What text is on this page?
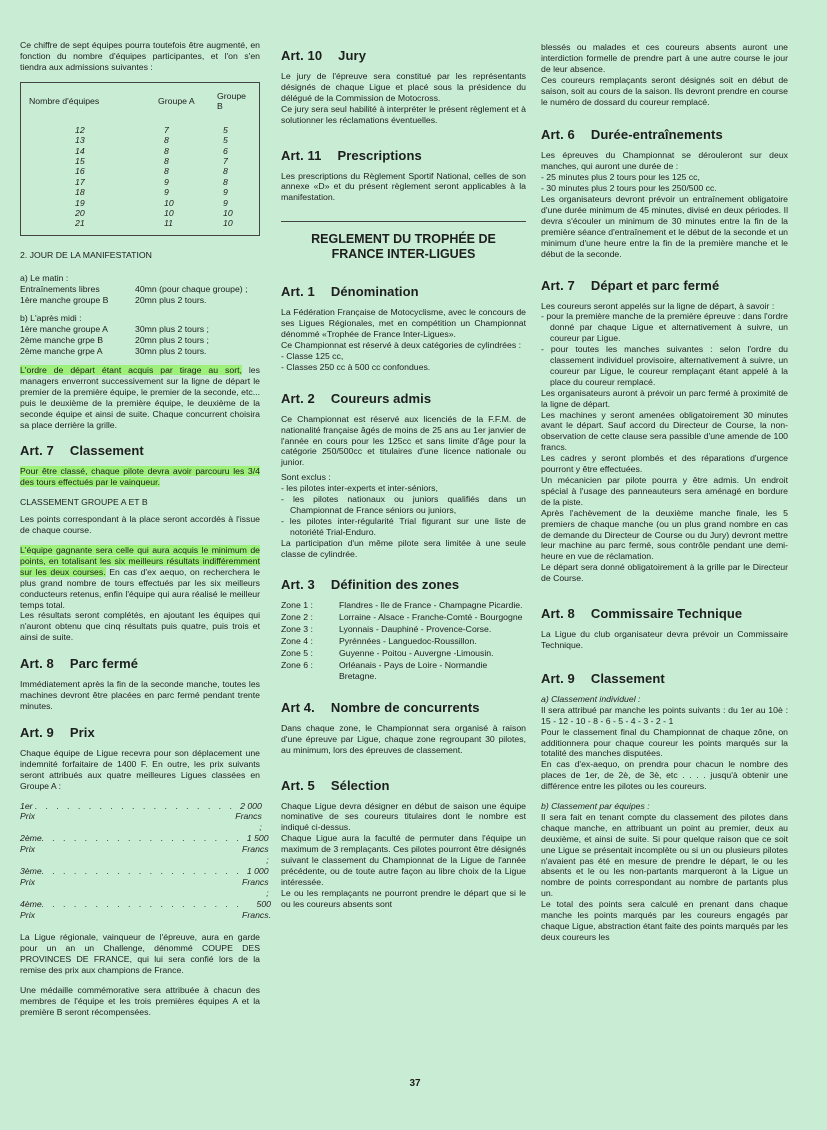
Ce chiffre de sept équipes pourra toutefois être augmenté, en fonction du nombre d'équipes participantes, et l'on s'en tiendra aux admissions suivantes :

Nombre d'équipes	Groupe A	Groupe B
12	7	5
13	8	5
14	8	6
15	8	7
16	8	8
17	9	8
18	9	9
19	10	9
20	10	10
21	11	10

2. JOUR DE LA MANIFESTATION

a) Le matin :

Entraînements libres	40mn (pour chaque groupe) ;
1ère manche groupe B	20mn plus 2 tours.

b) L'après midi :

1ère manche groupe A	30mn plus 2 tours ;
2ème manche grpe B	20mn plus 2 tours ;
2ème manche grpe A	30mn plus 2 tours.

L'ordre de départ étant acquis par tirage au sort, les managers enverront successivement sur la ligne de départ le premier de la première équipe, le premier de la seconde, etc... puis le deuxième de la première équipe, le deuxième de la seconde équipe et ainsi de suite. Chaque concurrent choisira sa place derrière la grille.

Art. 7 Classement

Pour être classé, chaque pilote devra avoir parcouru les 3/4 des tours effectués par le vainqueur.

CLASSEMENT GROUPE A ET B

Les points correspondant à la place seront accordés à l'issue de chaque course.

L'équipe gagnante sera celle qui aura acquis le minimum de points, en totalisant les six meilleurs résultats indifféremment sur les deux courses. En cas d'ex aequo, on recherchera le plus grand nombre de tours effectués par les six meilleurs conducteurs retenus, enfin l'équipe qui aura réalisé le meilleur temps total.

Les résultats seront complétés, en ajoutant les équipes qui n'auront obtenu que cinq résultats puis quatre, puis trois et ainsi de suite.

Art. 8 Parc fermé

Immédiatement après la fin de la seconde manche, toutes les machines devront être placées en parc fermé pendant trente minutes.

Art. 9 Prix

Chaque équipe de Ligue recevra pour son déplacement une indemnité forfaitaire de 1400 F. En outre, les prix suivants seront attribués aux quatre meilleures Ligues classées en Groupe A :

1er Prix
. . . . . . . . . . . . . . . . . . . 2 000 Francs ;
2ème Prix
. . . . . . . . . . . . . . . . . . . 1 500 Francs ;
3ème Prix
. . . . . . . . . . . . . . . . . . . 1 000 Francs ;
4ème Prix
. . . . . . . . . . . . . . . . . . .	500 Francs.

La Ligue régionale, vainqueur de l'épreuve, aura en garde pour un an un Challenge, dénommé COUPE DES PROVINCES DE FRANCE, qui lui sera confié lors de la remise des prix aux champions de France.

Une médaille commémorative sera attribuée à chacun des membres de l'équipe et les trois premières équipes A et la première B seront récompensées.

Art. 10 Jury

Le jury de l'épreuve sera constitué par les représentants désignés de chaque Ligue et placé sous la présidence du délégué de la Commission de Motocross.

Ce jury sera seul habilité à interpréter le présent règlement et à solutionner les réclamations éventuelles.

Art. 11 Prescriptions

Les prescriptions du Règlement Sportif National, celles de son annexe «D» et du présent règlement seront applicables à la manifestation.

REGLEMENT DU TROPHÉE DE
FRANCE INTER-LIGUES
Art. 1 Dénomination

La Fédération Française de Motocyclisme, avec le concours de ses Ligues Régionales, met en compétition un Championnat dénommé «Trophée de France Inter-Ligues».

Ce Championnat est réservé à deux catégories de cylindrées :

- Classe 125 cc,
- Classes 250 cc à 500 cc confondues.
Art. 2 Coureurs admis

Ce Championnat est réservé aux licenciés de la F.F.M. de nationalité française âgés de moins de 25 ans au 1er janvier de l'année en cours pour les 125cc et sans limite d'âge pour la catégorie 250/500cc et titulaires d'une licence nationale ou junior.

Sont exclus :

- les pilotes inter-experts et inter-séniors,
- les pilotes nationaux ou juniors qualifiés dans un Championnat de France séniors ou juniors,
- les pilotes inter-régularité Trial figurant sur une liste de notoriété Trial-Enduro.

La participation d'un même pilote sera limitée à une seule classe de cylindrée.

Art. 3 Définition des zones
Zone 1 :	Flandres - Ile de France - Champagne Picardie.
Zone 2 :	Lorraine - Alsace - Franche-Comté - Bourgogne
Zone 3 :	Lyonnais - Dauphiné - Provence-Corse.
Zone 4 :	Pyrénnées - Languedoc-Roussillon.
Zone 5 :	Guyenne - Poitou - Auvergne -Limousin.
Zone 6 :	Orléanais - Pays de Loire - Normandie Bretagne.
Art 4. Nombre de concurrents

Dans chaque zone, le Championnat sera organisé à raison d'une épreuve par Ligue, chaque zone regroupant 30 pilotes, au minimum, lors des épreuves de classement.

Art. 5 Sélection

Chaque Ligue devra désigner en début de saison une équipe nominative de ses coureurs titulaires dont le nombre est indiqué ci-dessus.

Chaque Ligue aura la faculté de permuter dans l'équipe un maximum de 3 remplaçants. Ces pilotes pourront être désignés suivant le classement du Championnat de la Ligue de l'année précédente, ou de toute autre façon au libre choix de la Ligue intéressée.

Le ou les remplaçants ne pourront prendre le départ que si le ou les coureurs absents sont

blessés ou malades et ces coureurs absents auront une interdiction formelle de prendre part à une autre course le jour de leur absence.

Ces coureurs remplaçants seront désignés soit en début de saison, soit au cours de la saison. Ils devront prendre en course le numéro de dossard du coureur remplacé.

Art. 6 Durée-entraînements

Les épreuves du Championnat se dérouleront sur deux manches, qui auront une durée de :

- 25 minutes plus 2 tours pour les 125 cc,
- 30 minutes plus 2 tours pour les 250/500 cc.

Les organisateurs devront prévoir un entraînement obligatoire d'une durée minimum de 45 minutes, divisé en deux périodes. Il devra s'écouler un minimum de 30 minutes entre la fin de la première séance d'entraînement et le début de la seconde et un minimum d'une heure entre la fin de la première manche et le début de la seconde.

Art. 7 Départ et parc fermé

Les coureurs seront appelés sur la ligne de départ, à savoir :

- pour la première manche de la première épreuve : dans l'ordre donné par chaque Ligue et alternativement à suivre, un coureur par Ligue.
- pour toutes les manches suivantes : selon l'ordre du classement individuel provisoire, alternativement à suivre, un coureur par Ligue, le coureur remplaçant étant appelé à la place du coureur remplacé.

Les organisateurs auront à prévoir un parc fermé à proximité de la ligne de départ.

Les machines y seront amenées obligatoirement 30 minutes avant le départ. Sauf accord du Directeur de Course, la non-observation de cette clause sera passible d'une amende de 100 francs.

Les cadres y seront plombés et des réparations d'urgence pourront y être effectuées.

Un mécanicien par pilote pourra y être admis. Un endroit spécial à l'usage des panneauteurs sera aménagé en bordure de la piste.

Après l'achèvement de la deuxième manche finale, les 5 premiers de chaque manche (ou un plus grand nombre en cas de demande du Directeur de Course ou du Jury) devront mettre leur machine au parc fermé, sous contrôle pendant une demi-heure en vue de réclamation.

Le départ sera donné obligatoirement à la grille par le Directeur de Course.

Art. 8 Commissaire Technique

La Ligue du club organisateur devra prévoir un Commissaire Technique.

Art. 9 Classement

a) Classement individuel :

Il sera attribué par manche les points suivants : du 1er au 10è : 15 - 12 - 10 - 8 - 6 - 5 - 4 - 3 - 2 - 1

Pour le classement final du Championnat de chaque zône, on additionnera pour chaque coureur les points marqués sur la totalité des manches disputées.

En cas d'ex-aequo, on prendra pour chacun le nombre des places de 1er, de 2è, de 3è, etc . . . . jusqu'à obtenir une différence entre les pilotes ou les coureurs.

b) Classement par équipes :

Il sera fait en tenant compte du classement des pilotes dans chaque manche, en attribuant un point au premier, deux au deuxième, et ainsi de suite. Si pour quelque raison que ce soit une Ligue se présentait incomplète ou si un ou plusieurs pilotes n'avaient pas été en mesure de prendre le départ, le ou les absents et le ou les non-partants marqueront à la Ligue un nombre de points correspondant au nombre de partants plus un.

Le total des points sera calculé en prenant dans chaque manche les points marqués par les coureurs engagés par chaque Ligue, abstraction étant faite des points marqués par les deux coureurs les

37
